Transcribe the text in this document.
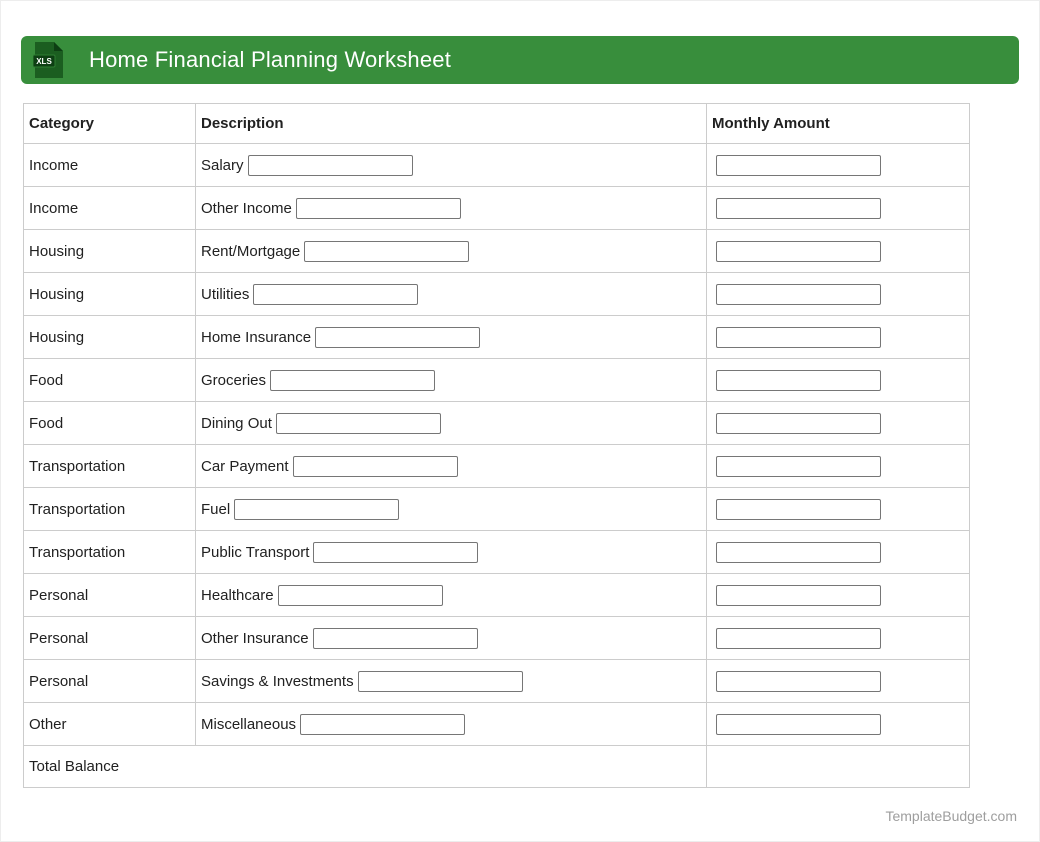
XLS Home Financial Planning Worksheet
Category	Description	Monthly Amount
Income	Salary	
Income	Other Income	
Housing	Rent/Mortgage	
Housing	Utilities	
Housing	Home Insurance	
Food	Groceries	
Food	Dining Out	
Transportation	Car Payment	
Transportation	Fuel	
Transportation	Public Transport	
Personal	Healthcare	
Personal	Other Insurance	
Personal	Savings & Investments	
Other	Miscellaneous	
Total Balance		
TemplateBudget.com
